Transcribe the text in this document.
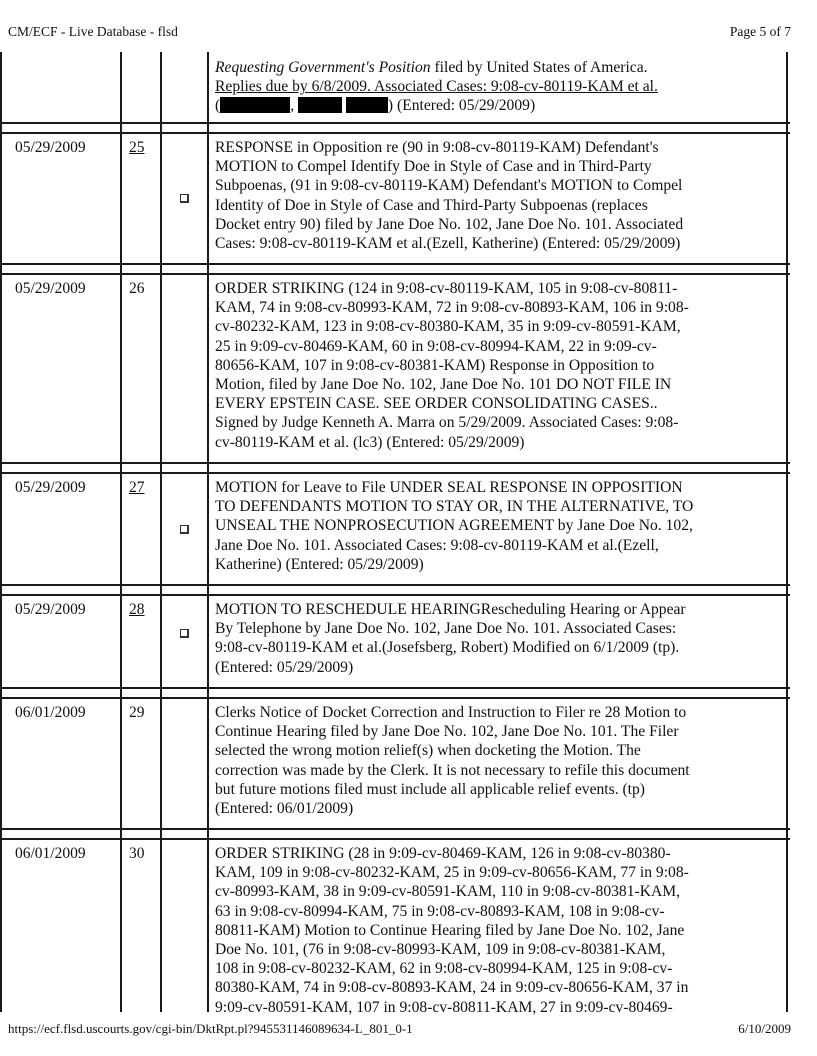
CM/ECF - Live Database - flsd	Page 5 of 7
Requesting Government's Position filed by United States of America.
Replies due by 6/8/2009. Associated Cases: 9:08-cv-80119-KAM et al.
(	,	) (Entered: 05/29/2009)
05/29/2009	25	RESPONSE in Opposition re (90 in 9:08-cv-80119-KAM) Defendant's
MOTION to Compel Identify Doe in Style of Case and in Third-Party
Subpoenas, (91 in 9:08-cv-80119-KAM) Defendant's MOTION to Compel
Identity of Doe in Style of Case and Third-Party Subpoenas (replaces
Docket entry 90) filed by Jane Doe No. 102, Jane Doe No. 101. Associated
Cases: 9:08-cv-80119-KAM et al.(Ezell, Katherine) (Entered: 05/29/2009)
05/29/2009	26	ORDER STRIKING (124 in 9:08-cv-80119-KAM, 105 in 9:08-cv-80811-
KAM, 74 in 9:08-cv-80993-KAM, 72 in 9:08-cv-80893-KAM, 106 in 9:08-
cv-80232-KAM, 123 in 9:08-cv-80380-KAM, 35 in 9:09-cv-80591-KAM,
25 in 9:09-cv-80469-KAM, 60 in 9:08-cv-80994-KAM, 22 in 9:09-cv-
80656-KAM, 107 in 9:08-cv-80381-KAM) Response in Opposition to
Motion, filed by Jane Doe No. 102, Jane Doe No. 101 DO NOT FILE IN
EVERY EPSTEIN CASE. SEE ORDER CONSOLIDATING CASES..
Signed by Judge Kenneth A. Marra on 5/29/2009. Associated Cases: 9:08-
cv-80119-KAM et al. (lc3) (Entered: 05/29/2009)
05/29/2009	27	MOTION for Leave to File UNDER SEAL RESPONSE IN OPPOSITION
TO DEFENDANTS MOTION TO STAY OR, IN THE ALTERNATIVE, TO
UNSEAL THE NONPROSECUTION AGREEMENT by Jane Doe No. 102,
Jane Doe No. 101. Associated Cases: 9:08-cv-80119-KAM et al.(Ezell,
Katherine) (Entered: 05/29/2009)
05/29/2009	28	MOTION TO RESCHEDULE HEARINGRescheduling Hearing or Appear
By Telephone by Jane Doe No. 102, Jane Doe No. 101. Associated Cases:
9:08-cv-80119-KAM et al.(Josefsberg, Robert) Modified on 6/1/2009 (tp).
(Entered: 05/29/2009)
06/01/2009	29	Clerks Notice of Docket Correction and Instruction to Filer re 28 Motion to
Continue Hearing filed by Jane Doe No. 102, Jane Doe No. 101. The Filer
selected the wrong motion relief(s) when docketing the Motion. The
correction was made by the Clerk. It is not necessary to refile this document
but future motions filed must include all applicable relief events. (tp)
(Entered: 06/01/2009)
06/01/2009	30	ORDER STRIKING (28 in 9:09-cv-80469-KAM, 126 in 9:08-cv-80380-
KAM, 109 in 9:08-cv-80232-KAM, 25 in 9:09-cv-80656-KAM, 77 in 9:08-
cv-80993-KAM, 38 in 9:09-cv-80591-KAM, 110 in 9:08-cv-80381-KAM,
63 in 9:08-cv-80994-KAM, 75 in 9:08-cv-80893-KAM, 108 in 9:08-cv-
80811-KAM) Motion to Continue Hearing filed by Jane Doe No. 102, Jane
Doe No. 101, (76 in 9:08-cv-80993-KAM, 109 in 9:08-cv-80381-KAM,
108 in 9:08-cv-80232-KAM, 62 in 9:08-cv-80994-KAM, 125 in 9:08-cv-
80380-KAM, 74 in 9:08-cv-80893-KAM, 24 in 9:09-cv-80656-KAM, 37 in
9:09-cv-80591-KAM, 107 in 9:08-cv-80811-KAM, 27 in 9:09-cv-80469-
https://ecf.flsd.uscourts.gov/cgi-bin/DktRpt.pl?945531146089634-L_801_0-1	6/10/2009
